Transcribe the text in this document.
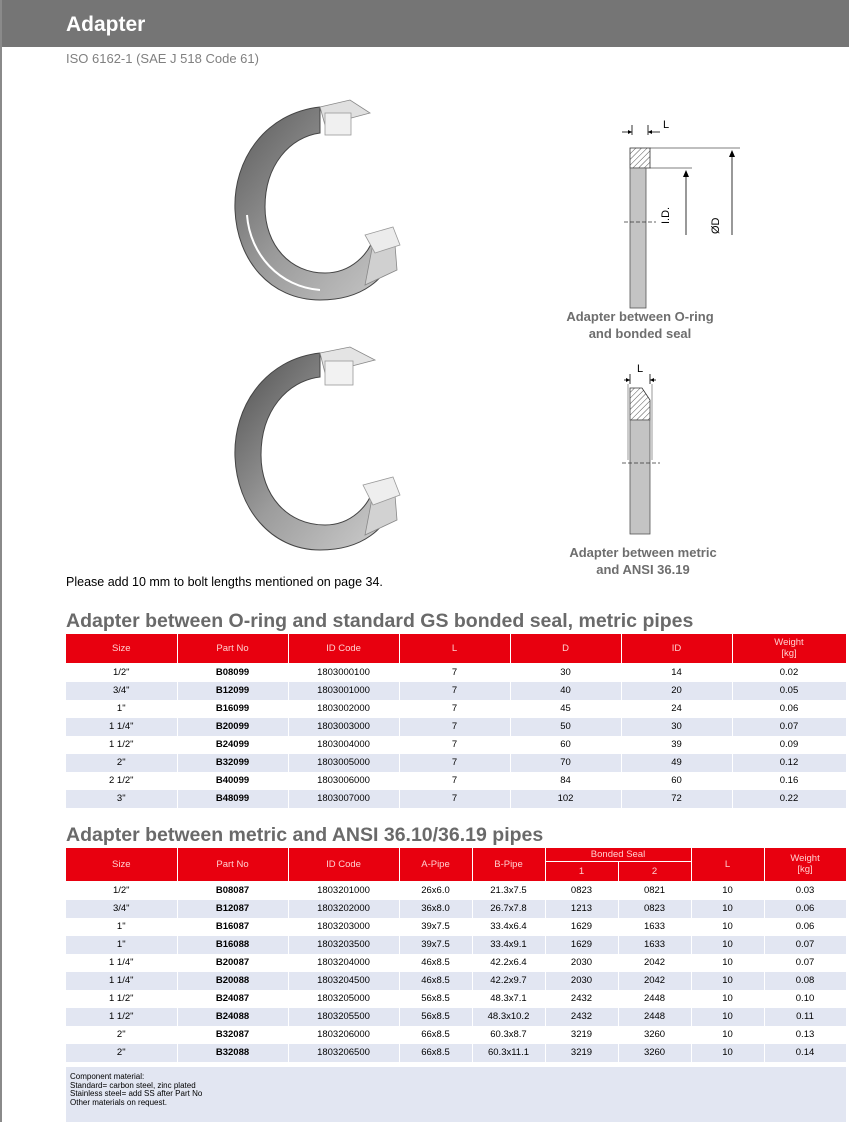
Adapter
ISO 6162-1 (SAE J 518 Code 61)
L
I.D.
ØD
Adapter between O-ring
and bonded seal
L
Adapter between metric
and ANSI 36.19
Please add 10 mm to bolt lengths mentioned on page 34.
Adapter between O-ring and standard GS bonded seal, metric pipes
Size	Part No	ID Code	L	D	ID	Weight
[kg]

1/2"	B08099	1803000100	7	30	14	0.02
3/4"	B12099	1803001000	7	40	20	0.05
1"	B16099	1803002000	7	45	24	0.06
1 1/4"	B20099	1803003000	7	50	30	0.07
1 1/2"	B24099	1803004000	7	60	39	0.09
2"	B32099	1803005000	7	70	49	0.12
2 1/2"	B40099	1803006000	7	84	60	0.16
3"	B48099	1803007000	7	102	72	0.22
Adapter between metric and ANSI 36.10/36.19 pipes
Size	Part No	ID Code	A-Pipe	B-Pipe	Bonded Seal		L	Weight
[kg]

					1	2		
1/2"	B08087	1803201000	26x6.0	21.3x7.5	0823	0821	10	0.03
3/4"	B12087	1803202000	36x8.0	26.7x7.8	1213	0823	10	0.06
1"	B16087	1803203000	39x7.5	33.4x6.4	1629	1633	10	0.06
1"	B16088	1803203500	39x7.5	33.4x9.1	1629	1633	10	0.07
1 1/4"	B20087	1803204000	46x8.5	42.2x6.4	2030	2042	10	0.07
1 1/4"	B20088	1803204500	46x8.5	42.2x9.7	2030	2042	10	0.08
1 1/2"	B24087	1803205000	56x8.5	48.3x7.1	2432	2448	10	0.10
1 1/2"	B24088	1803205500	56x8.5	48.3x10.2	2432	2448	10	0.11
2"	B32087	1803206000	66x8.5	60.3x8.7	3219	3260	10	0.13
2"	B32088	1803206500	66x8.5	60.3x11.1	3219	3260	10	0.14
Component material:
Standard= carbon steel, zinc plated
Stainless steel= add SS after Part No
Other materials on request.
